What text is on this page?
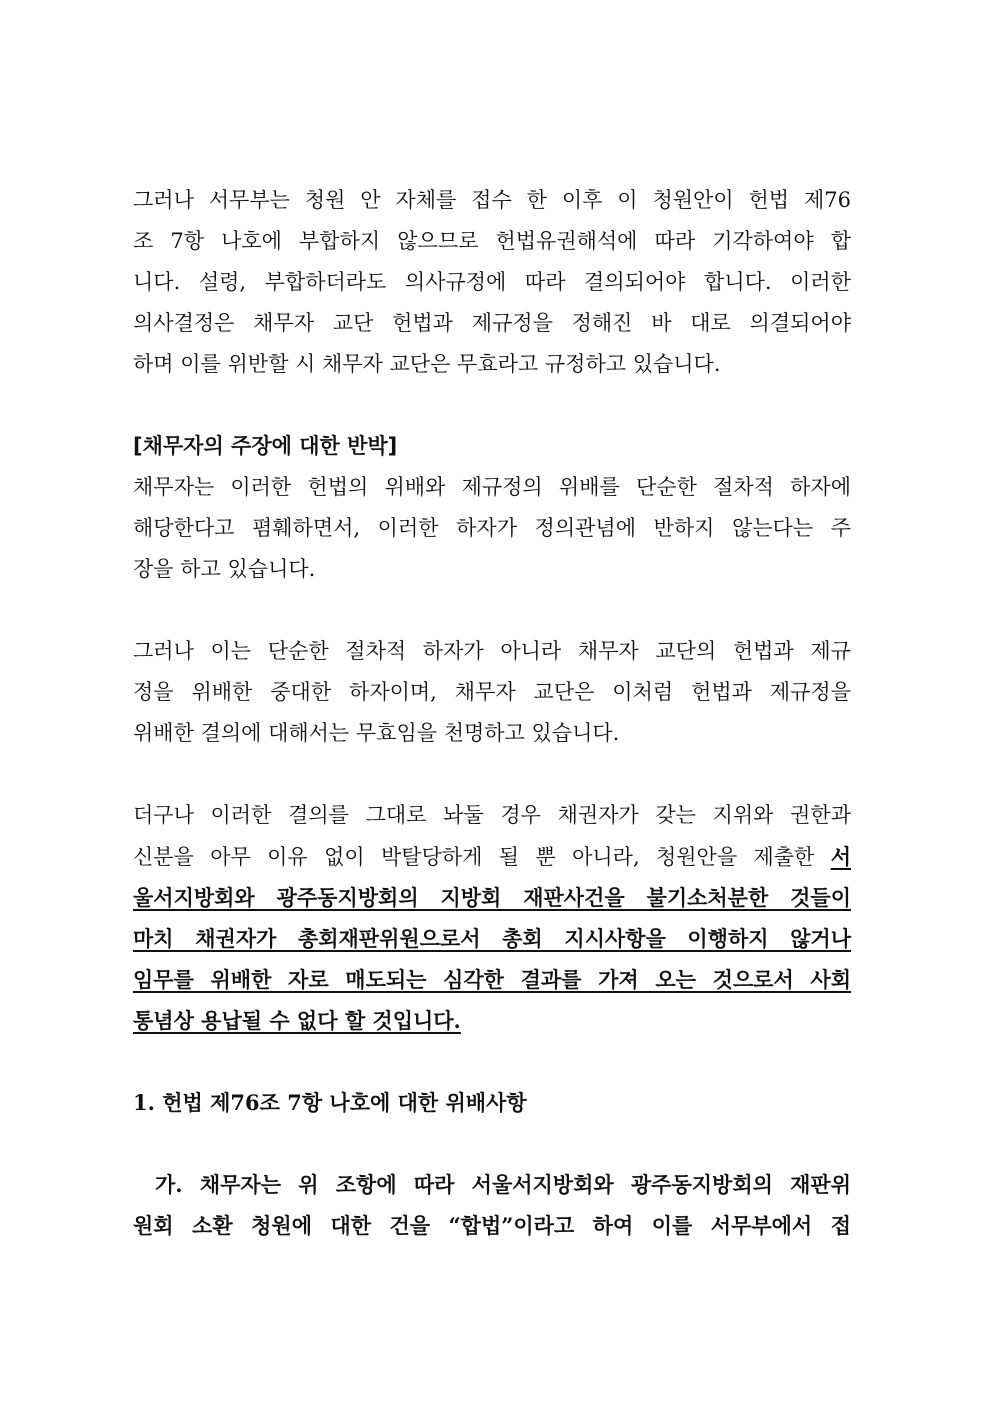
그러나 서무부는 청원 안 자체를 접수 한 이후 이 청원안이 헌법 제76
조 7항 나호에 부합하지 않으므로 헌법유권해석에 따라 기각하여야 합
니다. 설령, 부합하더라도 의사규정에 따라 결의되어야 합니다. 이러한
의사결정은 채무자 교단 헌법과 제규정을 정해진 바 대로 의결되어야
하며 이를 위반할 시 채무자 교단은 무효라고 규정하고 있습니다.
[채무자의 주장에 대한 반박]
채무자는 이러한 헌법의 위배와 제규정의 위배를 단순한 절차적 하자에
해당한다고 폄훼하면서, 이러한 하자가 정의관념에 반하지 않는다는 주
장을 하고 있습니다.
그러나 이는 단순한 절차적 하자가 아니라 채무자 교단의 헌법과 제규
정을 위배한 중대한 하자이며, 채무자 교단은 이처럼 헌법과 제규정을
위배한 결의에 대해서는 무효임을 천명하고 있습니다.
더구나 이러한 결의를 그대로 놔둘 경우 채권자가 갖는 지위와 권한과
신분을 아무 이유 없이 박탈당하게 될 뿐 아니라, 청원안을 제출한 서
울서지방회와 광주동지방회의 지방회 재판사건을 불기소처분한 것들이
마치 채권자가 총회재판위원으로서 총회 지시사항을 이행하지 않거나
임무를 위배한 자로 매도되는 심각한 결과를 가져 오는 것으로서 사회
통념상 용납될 수 없다 할 것입니다.
1. 헌법 제76조 7항 나호에 대한 위배사항
가. 채무자는 위 조항에 따라 서울서지방회와 광주동지방회의 재판위
원회 소환 청원에 대한 건을 “합법”이라고 하여 이를 서무부에서 접
